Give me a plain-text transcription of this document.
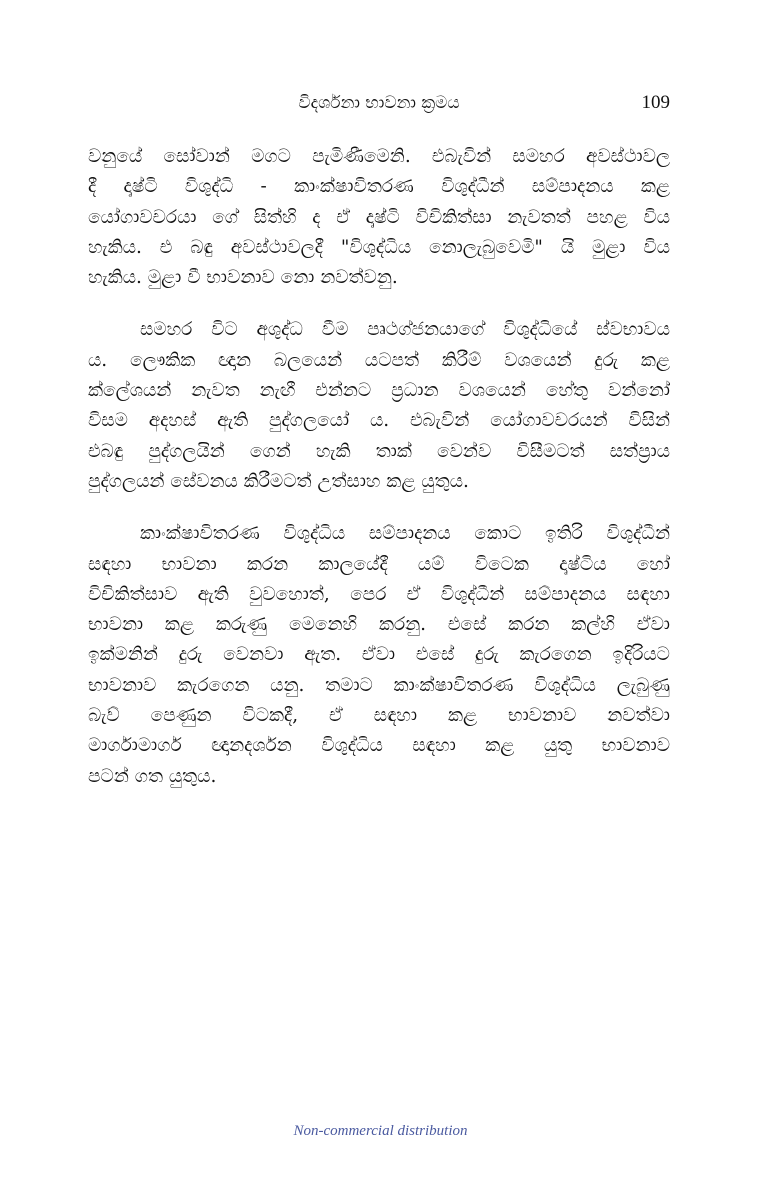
විදර්ශනා භාවනා ක්‍රමය	109

වනුයේ සෝවාන් මගට පැමිණීමෙනි. එබැවින් සමහර අවස්ථාවල
දී දෘෂ්ටි විශුද්ධි - කාංක්ෂාවිතරණ විශුද්ධීන් සම්පාදනය කළ
යෝගාවචරයා ගේ සිත්හි ද ඒ දෘෂ්ටි විචිකිත්සා නැවතත් පහළ විය
හැකිය. එ බඳු අවස්ථාවලදී "විශුද්ධිය නොලැබුවෙමි" යි මුළා විය
හැකිය. මුළා වී භාවනාව නො නවත්වනු.

සමහර විට අශුද්ධ වීම පෘථග්ජනයාගේ විශුද්ධියේ ස්වභාවය
ය. ලෞකික ඥාන බලයෙන් යටපත් කිරීම් වශයෙන් දුරු කළ
ක්ලේශයන් නැවත නැඟී එන්නට ප්‍රධාන වශයෙන් හේතු වන්නෝ
විසම අදහස් ඇති පුද්ගලයෝ ය. එබැවින් යෝගාවචරයන් විසින්
එබඳු පුද්ගලයින් ගෙන් හැකි තාක් වෙන්ව විසීමටත් සත්ප්‍රාය
පුද්ගලයන් සේවනය කිරීමටත් උත්සාහ කළ යුතුය.

කාංක්ෂාවිතරණ විශුද්ධිය සම්පාදනය කොට ඉතිරි විශුද්ධීන්
සඳහා භාවනා කරන කාලයේදී යම් විටෙක දෘෂ්ටිය හෝ
විචිකිත්සාව ඇති වුවහොත්, පෙර ඒ විශුද්ධීන් සම්පාදනය සඳහා
භාවනා කළ කරුණු මෙනෙහි කරනු. එසේ කරන කල්හි ඒවා
ඉක්මනින් දුරු වෙනවා ඇත. ඒවා එසේ දුරු කැරගෙන ඉදිරියට
භාවනාව කැරගෙන යනු. තමාට කාංක්ෂාවිතරණ විශුද්ධිය ලැබුණු
බැව් පෙණුන විටකදී, ඒ සඳහා කළ භාවනාව නවත්වා
මාර්ගාමාර්ග ඥානදර්ශන විශුද්ධිය සඳහා කළ යුතු භාවනාව
පටන් ගත යුතුය.

Non-commercial distribution
